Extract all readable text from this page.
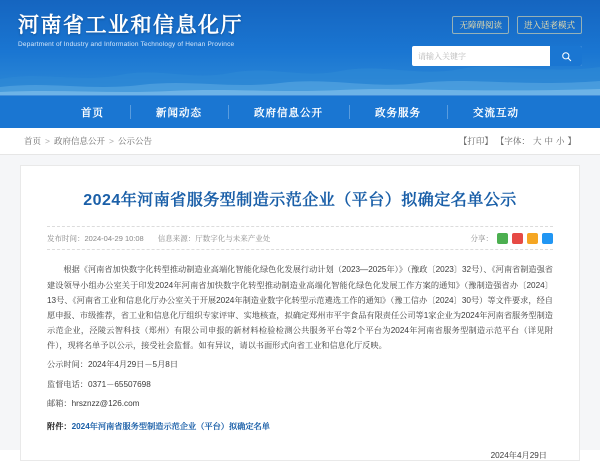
河南省工业和信息化厅
Department of Industry and Information Technology of Henan Province
无障碍阅读	进入适老模式
请输入关键字
首页	新闻动态	政府信息公开	政务服务	交流互动
首页 > 政府信息公开 > 公示公告	【打印】 【字体： 大 中 小 】
2024年河南省服务型制造示范企业（平台）拟确定名单公示
发布时间：2024-04-29 10:08 信息来源：厅数字化与未来产业处	分享：

根据《河南省加快数字化转型推动制造业高端化智能化绿色化发展行动计划（2023—2025年）》（豫政〔2023〕32号）、《河南省制造强省建设领导小组办公室关于印发2024年河南省加快数字化转型推动制造业高端化智能化绿色化发展工作方案的通知》（豫制造强省办〔2024〕13号、《河南省工业和信息化厅办公室关于开展2024年制造业数字化转型示范遴选工作的通知》（豫工信办〔2024〕30号）等文件要求，经自愿申报、市级推荐，省工业和信息化厅组织专家评审、实地核查，拟确定郑州市平宇食品有限责任公司等1家企业为2024年河南省服务型制造示范企业，泾陵云智科技（郑州）有限公司申报的新材料检验检测公共服务平台等2个平台为2024年河南省服务型制造示范平台（详见附件），现将名单予以公示，接受社会监督。如有异议，请以书面形式向省工业和信息化厅反映。

公示时间：2024年4月29日－5月8日

监督电话：0371－65507698

邮箱：hrsznzz@126.com

附件：2024年河南省服务型制造示范企业（平台）拟确定名单
2024年4月29日
